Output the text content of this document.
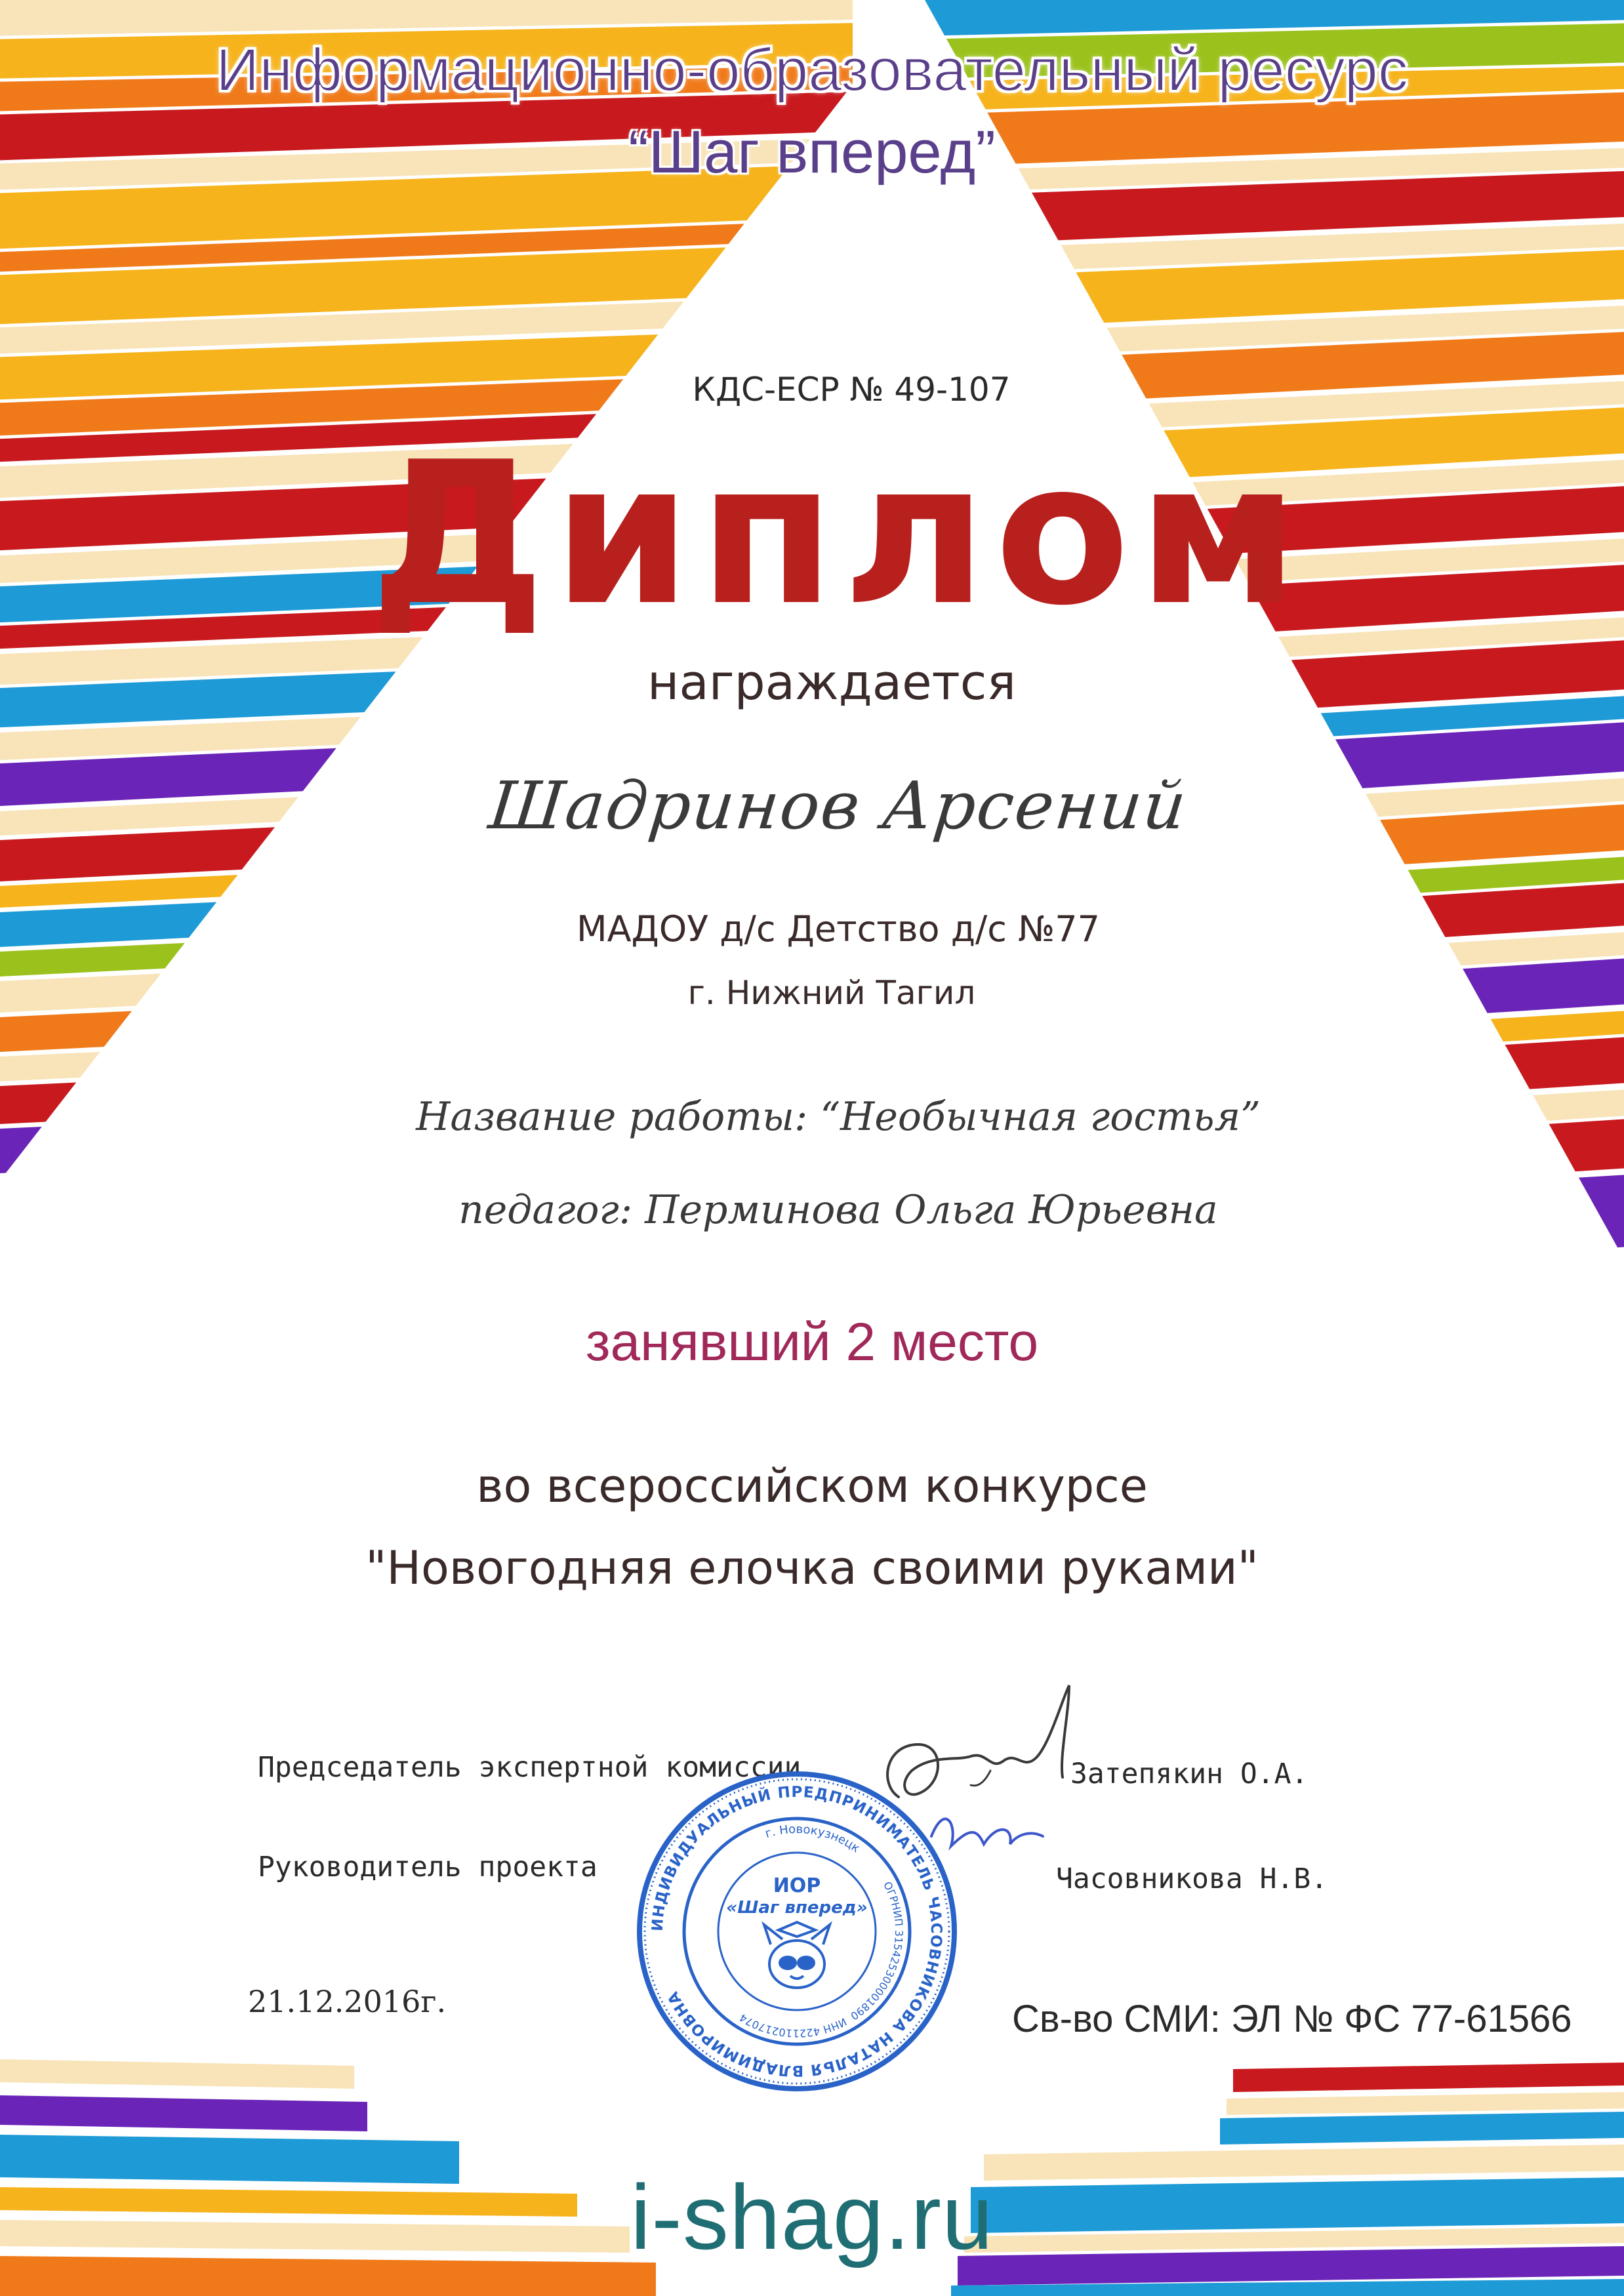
Информационно-образовательный ресурс
“Шаг вперед”
КДС-ЕСР № 49-107
Диплом
награждается
Шадринов Арсений
МАДОУ д/с Детство д/с №77
г. Нижний Тагил
Название работы: “Необычная гостья”
педагог: Перминова Ольга Юрьевна
занявший 2 место
во всероссийском конкурсе
"Новогодняя елочка своими руками"
Председатель экспертной комиссии	Затепякин О.А.
Руководитель проекта	Часовникова Н.В.
ИНДИВИДУАЛЬНЫЙ ПРЕДПРИНИМАТЕЛЬ ЧАСОВНИКОВА НАТАЛЬЯ ВЛАДИМИРОВНА
г. Новокузнецк
ИНН 422110217074
ОГРНИП 315425300001890
ИОР
«Шаг вперед»
21.12.2016г.	Св-во СМИ: ЭЛ № ФС 77-61566
i-shag.ru
